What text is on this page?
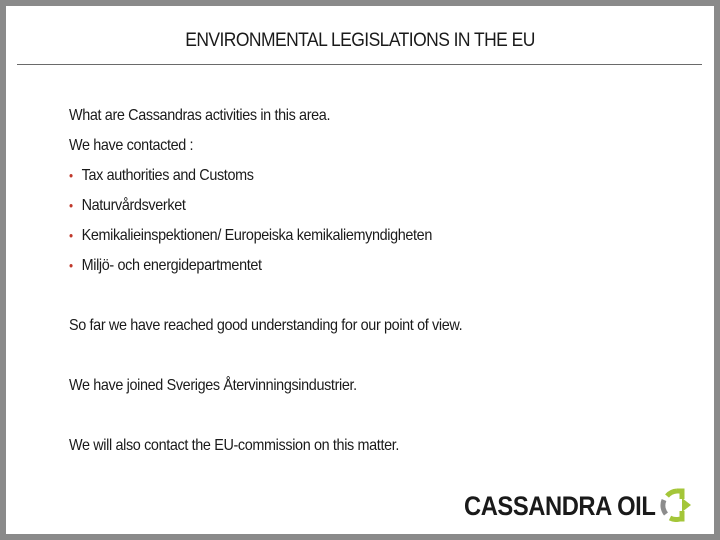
ENVIRONMENTAL LEGISLATIONS IN THE EU
What are Cassandras activities in this area.
We have contacted :
• Tax authorities and Customs
• Naturvårdsverket
• Kemikalieinspektionen/ Europeiska kemikaliemyndigheten
• Miljö- och energidepartmentet
So far we have reached good understanding for our point of view.
We have joined Sveriges Återvinningsindustrier.
We will also contact the EU-commission on this matter.
CASSANDRA OIL
